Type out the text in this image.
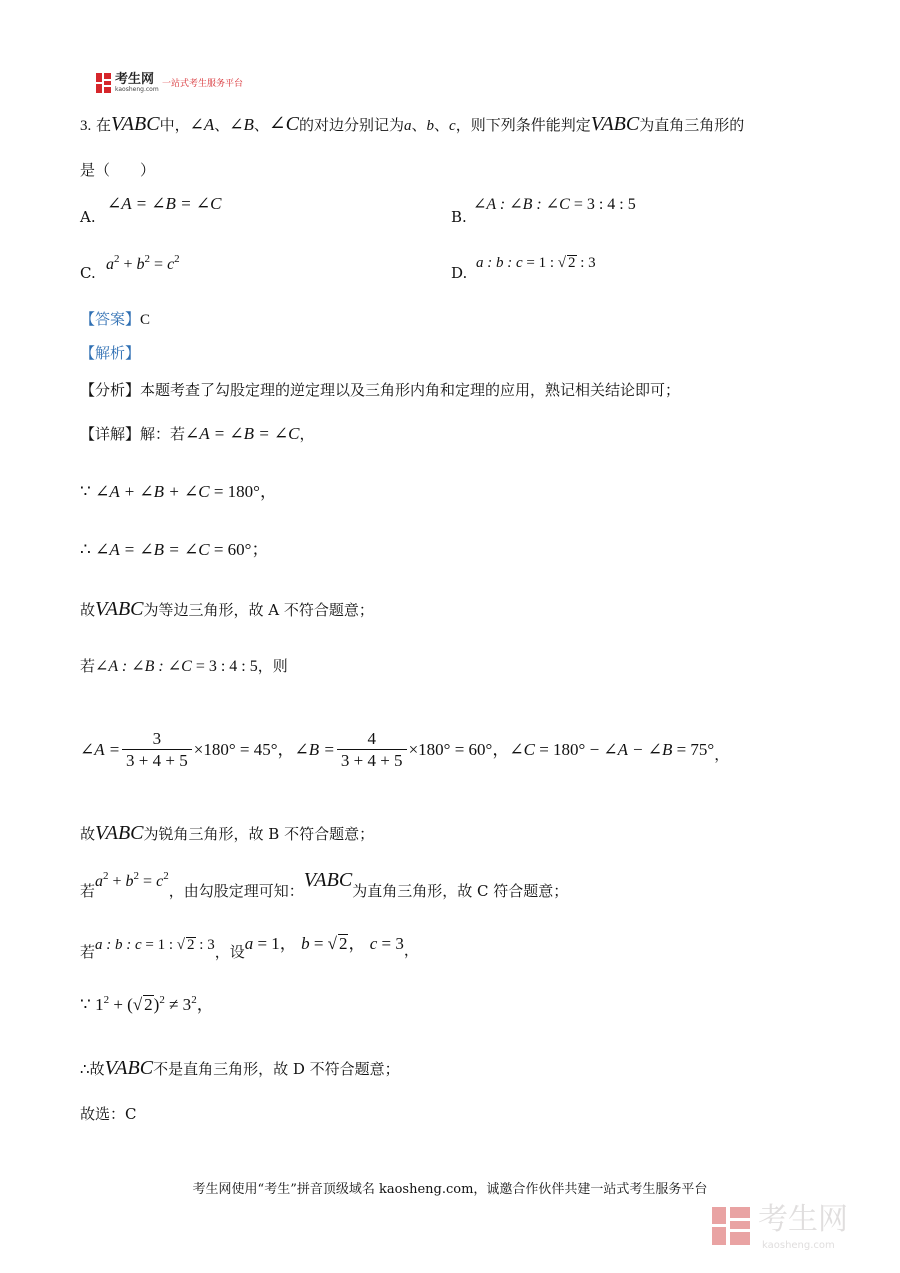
考生网
kaosheng.com
一站式考生服务平台
3. 在VABC中，∠A、∠B、∠C的对边分别记为a、b、c，则下列条件能判定VABC为直角三角形的
是（　　）
A.
∠A = ∠B = ∠C
B.
∠A : ∠B : ∠C = 3 : 4 : 5
C. $a^2 + b^2 = c^2$
D.
a : b : c = 1 : √ 2 : 3
【答案】C
【解析】
【分析】本题考查了勾股定理的逆定理以及三角形内角和定理的应用，熟记相关结论即可；
【详解】解：若∠A = ∠B = ∠C，
∵ ∠A + ∠B + ∠C = 180°，
∴ ∠A = ∠B = ∠C = 60°；
故VABC为等边三角形，故 A 不符合题意；
若∠A : ∠B : ∠C = 3 : 4 : 5，则
∠A = $\frac{3}{3 + 4 + 5} \times 180^\circ = 45^\circ$，∠B = $\frac{4}{3 + 4 + 5} \times 180^\circ = 60^\circ$，∠C = 180° − ∠A − ∠B = 75°，
故VABC为锐角三角形，故 B 不符合题意；
若$a^2 + b^2 = c^2$，由勾股定理可知：VABC为直角三角形，故 C 符合题意；
若a : b : c = 1 : √ 2 : 3，设a = 1， b = √ 2， c = 3，
∵ $1^2$ + (√ $2)^2 \ne 3^2$，
∴故VABC不是直角三角形，故 D 不符合题意；
故选：C
考生网使用“考生”拼音顶级域名 kaosheng.com，诚邀合作伙伴共建一站式考生服务平台
考生网
kaosheng.com
